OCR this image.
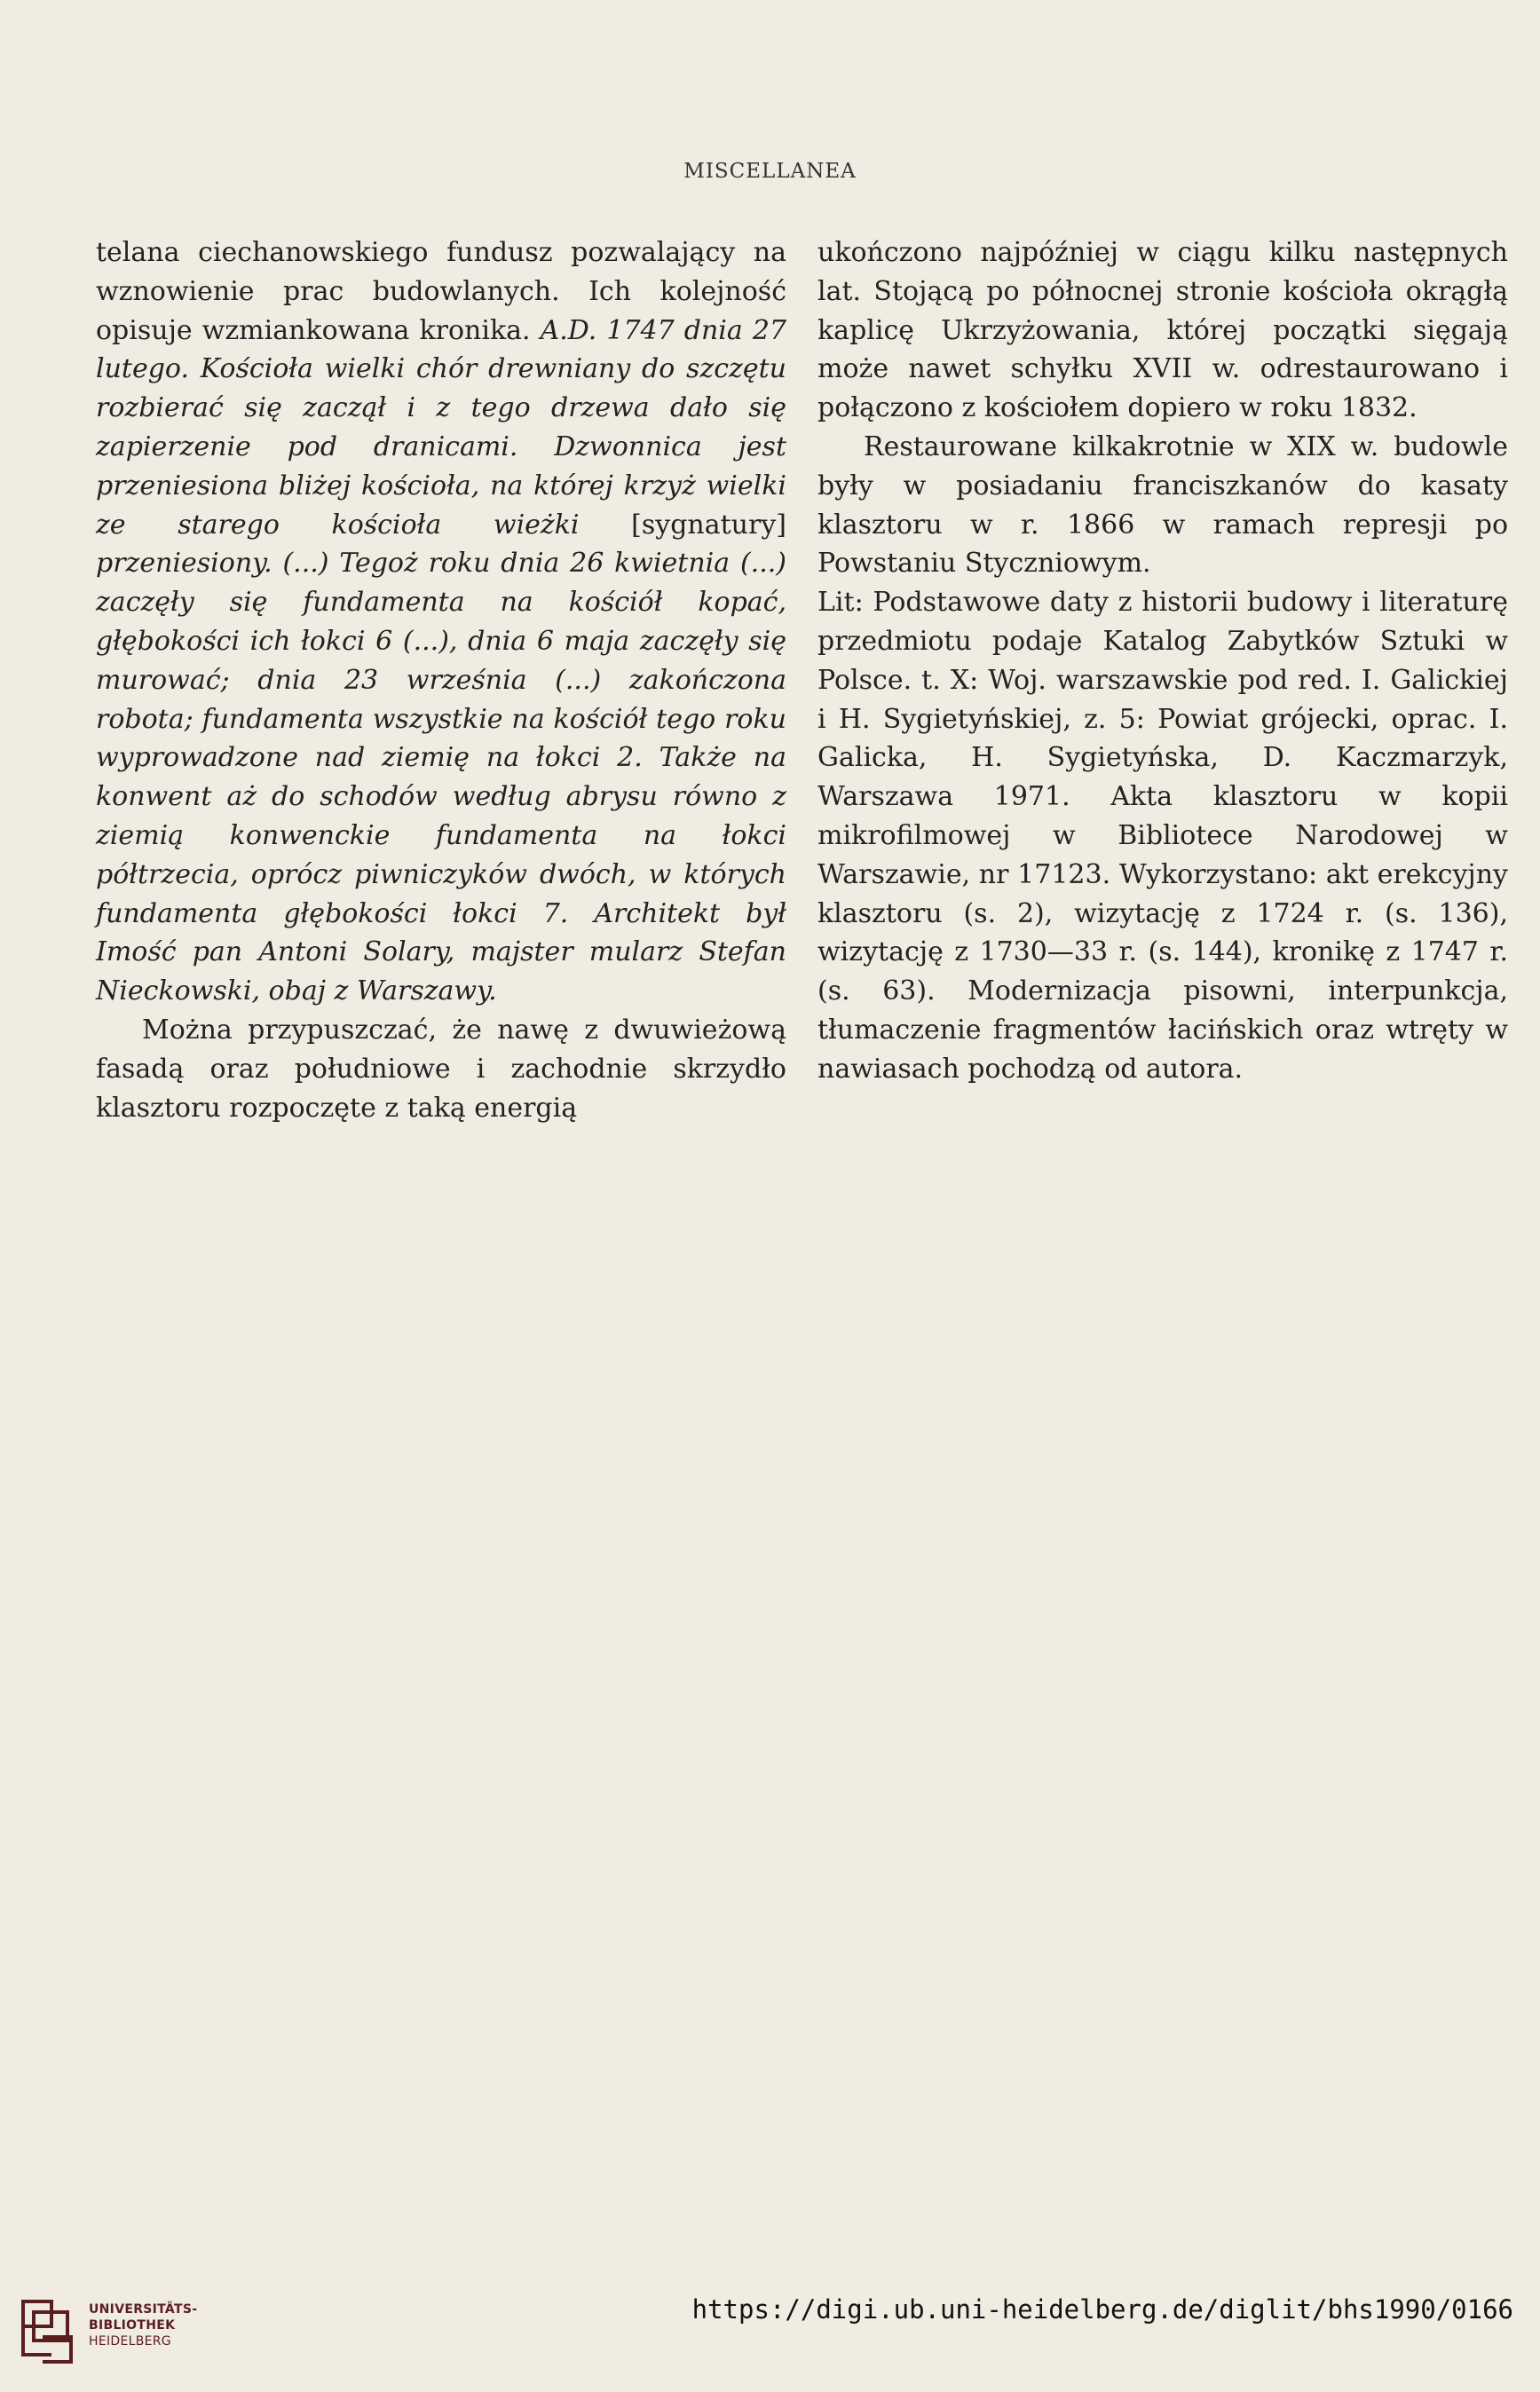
MISCELLANEA

telana ciechanowskiego fundusz pozwalający na wznowienie prac budowlanych. Ich kolejność opisuje wzmiankowana kronika. A.D. 1747 dnia 27 lutego. Kościoła wielki chór drewniany do szczętu rozbierać się zaczął i z tego drzewa dało się zapierzenie pod dranicami. Dzwonnica jest przeniesiona bliżej kościoła, na której krzyż wielki ze starego kościoła wieżki [sygnatury] przeniesiony. (...) Tegoż roku dnia 26 kwietnia (...) zaczęły się fundamenta na kościół kopać, głębokości ich łokci 6 (...), dnia 6 maja zaczęły się murować; dnia 23 września (...) zakończona robota; fundamenta wszystkie na kościół tego roku wyprowadzone nad ziemię na łokci 2. Także na konwent aż do schodów według abrysu równo z ziemią konwenckie fundamenta na łokci półtrzecia, oprócz piwniczyków dwóch, w których fundamenta głębokości łokci 7. Architekt był Imość pan Antoni Solary, majster mularz Stefan Nieckowski, obaj z Warszawy.

Można przypuszczać, że nawę z dwuwieżową fasadą oraz południowe i zachodnie skrzydło klasztoru rozpoczęte z taką energią

ukończono najpóźniej w ciągu kilku następnych lat. Stojącą po północnej stronie kościoła okrągłą kaplicę Ukrzyżowania, której początki sięgają może nawet schyłku XVII w. odrestaurowano i połączono z kościołem dopiero w roku 1832.

Restaurowane kilkakrotnie w XIX w. budowle były w posiadaniu franciszkanów do kasaty klasztoru w r. 1866 w ramach represji po Powstaniu Styczniowym.

Lit: Podstawowe daty z historii budowy i literaturę przedmiotu podaje Katalog Zabytków Sztuki w Polsce. t. X: Woj. warszawskie pod red. I. Galickiej i H. Sygietyńskiej, z. 5: Powiat grójecki, oprac. I. Galicka, H. Sygietyńska, D. Kaczmarzyk, Warszawa 1971. Akta klasztoru w kopii mikrofilmowej w Bibliotece Narodowej w Warszawie, nr 17123. Wykorzystano: akt erekcyjny klasztoru (s. 2), wizytację z 1724 r. (s. 136), wizytację z 1730—33 r. (s. 144), kronikę z 1747 r. (s. 63). Modernizacja pisowni, interpunkcja, tłumaczenie fragmentów łacińskich oraz wtręty w nawiasach pochodzą od autora.

UNIVERSITÄTS-
BIBLIOTHEK
HEIDELBERG
https://digi.ub.uni-heidelberg.de/diglit/bhs1990/0166
